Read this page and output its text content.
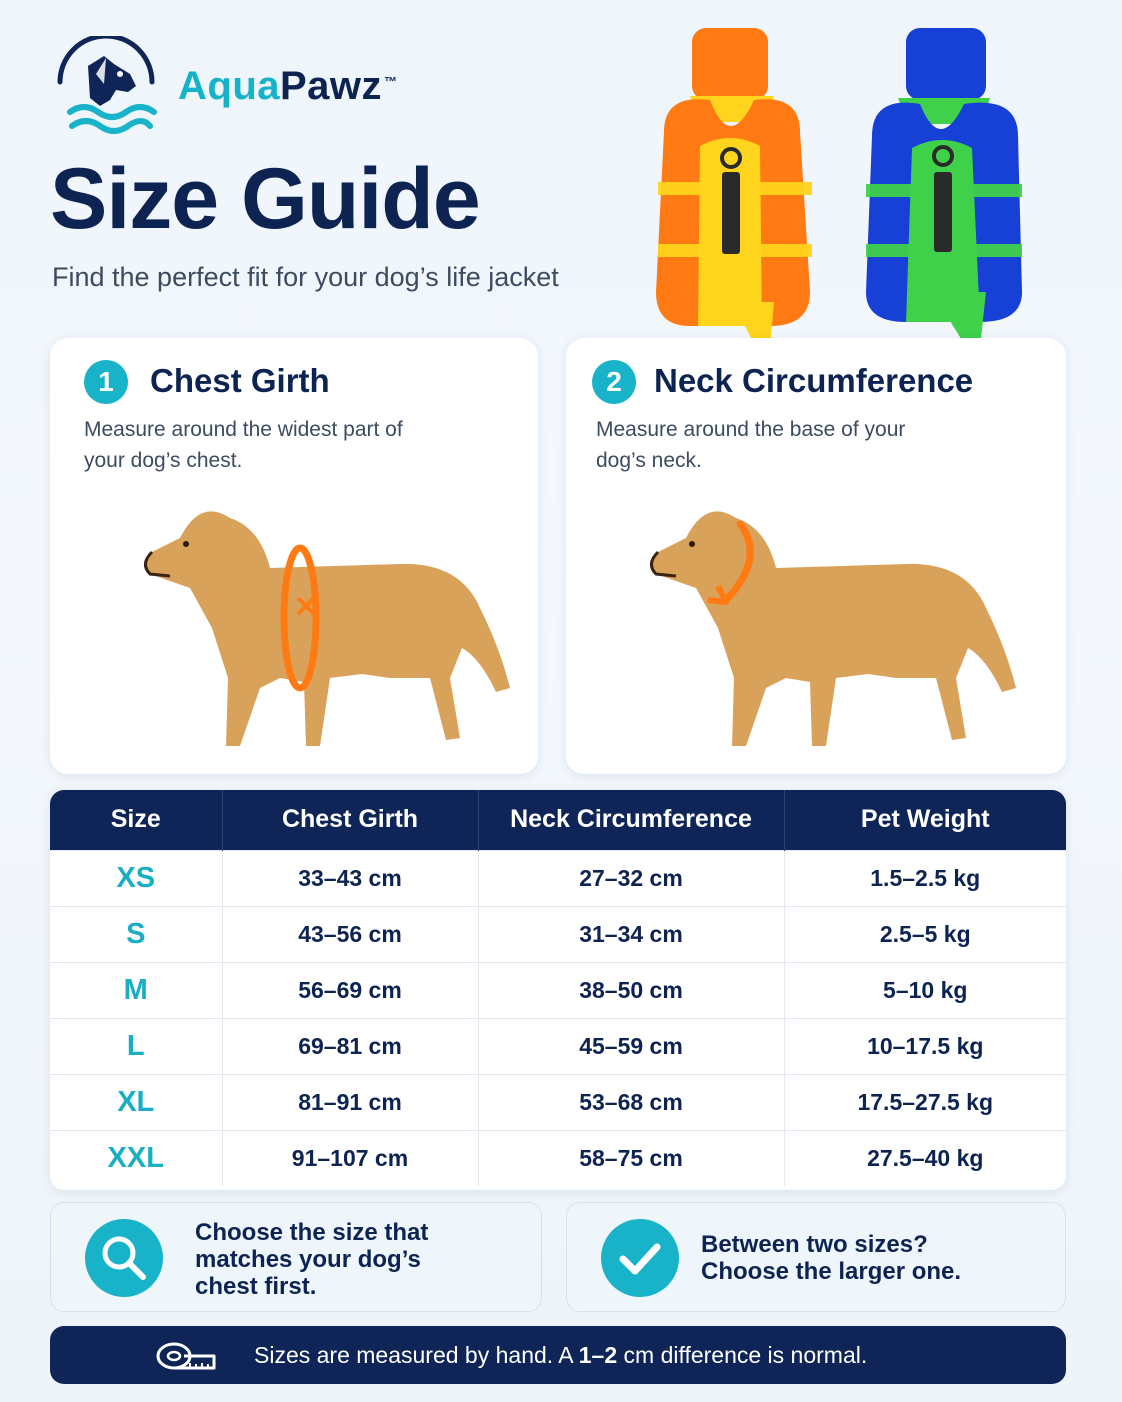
AquaPawz ™
Size Guide
Find the perfect fit for your dog’s life jacket
1	Chest Girth
Measure around the widest part of your dog’s chest.
2 Neck Circumference
Measure around the base of your dog’s neck.
Size	Chest Girth	Neck Circumference	Pet Weight
XS	33–43 cm	27–32 cm	1.5–2.5 kg
S	43–56 cm	31–34 cm	2.5–5 kg
M	56–69 cm	38–50 cm	5–10 kg
L	69–81 cm	45–59 cm	10–17.5 kg
XL	81–91 cm	53–68 cm	17.5–27.5 kg
XXL	91–107 cm	58–75 cm	27.5–40 kg
Choose the size that
matches your dog’s
chest first.
Between two sizes?
Choose the larger one.
Sizes are measured by hand. A 1–2 cm difference is normal.
